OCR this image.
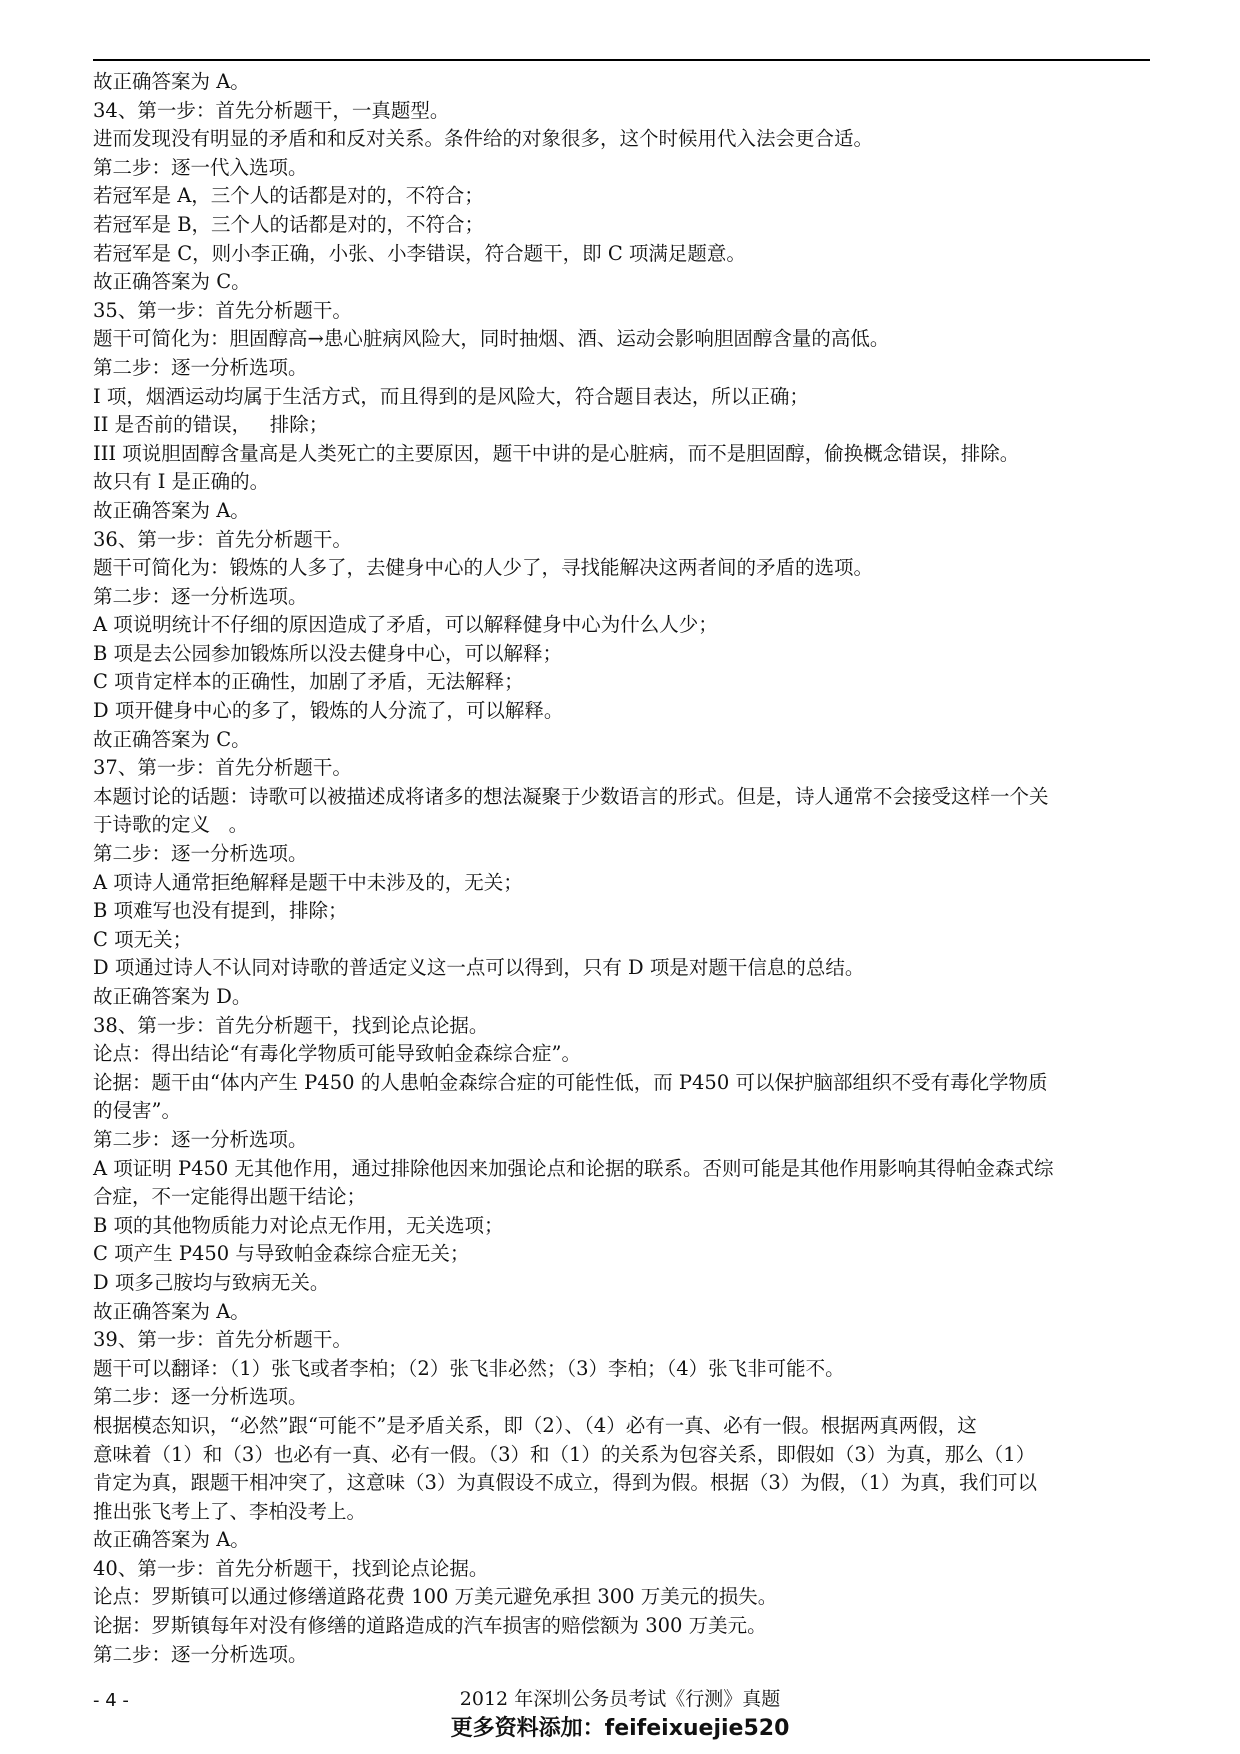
故正确答案为 A。
34、第一步：首先分析题干，一真题型。
进而发现没有明显的矛盾和和反对关系。条件给的对象很多，这个时候用代入法会更合适。
第二步：逐一代入选项。
若冠军是 A，三个人的话都是对的，不符合；
若冠军是 B，三个人的话都是对的，不符合；
若冠军是 C，则小李正确，小张、小李错误，符合题干，即 C 项满足题意。
故正确答案为 C。
35、第一步：首先分析题干。
题干可简化为：胆固醇高→患心脏病风险大，同时抽烟、酒、运动会影响胆固醇含量的高低。
第二步：逐一分析选项。
I 项，烟酒运动均属于生活方式，而且得到的是风险大，符合题目表达，所以正确；
II 是否前的错误，   排除；
III 项说胆固醇含量高是人类死亡的主要原因，题干中讲的是心脏病，而不是胆固醇，偷换概念错误，排除。
故只有 I 是正确的。
故正确答案为 A。
36、第一步：首先分析题干。
题干可简化为：锻炼的人多了，去健身中心的人少了，寻找能解决这两者间的矛盾的选项。
第二步：逐一分析选项。
A 项说明统计不仔细的原因造成了矛盾，可以解释健身中心为什么人少；
B 项是去公园参加锻炼所以没去健身中心，可以解释；
C 项肯定样本的正确性，加剧了矛盾，无法解释；
D 项开健身中心的多了，锻炼的人分流了，可以解释。
故正确答案为 C。
37、第一步：首先分析题干。
本题讨论的话题：诗歌可以被描述成将诸多的想法凝聚于少数语言的形式。但是，诗人通常不会接受这样一个关
于诗歌的定义   。
第二步：逐一分析选项。
A 项诗人通常拒绝解释是题干中未涉及的，无关；
B 项难写也没有提到，排除；
C 项无关；
D 项通过诗人不认同对诗歌的普适定义这一点可以得到，只有 D 项是对题干信息的总结。
故正确答案为 D。
38、第一步：首先分析题干，找到论点论据。
论点：得出结论“有毒化学物质可能导致帕金森综合症”。
论据：题干由“体内产生 P450 的人患帕金森综合症的可能性低，而 P450 可以保护脑部组织不受有毒化学物质
的侵害”。
第二步：逐一分析选项。
A 项证明 P450 无其他作用，通过排除他因来加强论点和论据的联系。否则可能是其他作用影响其得帕金森式综
合症，不一定能得出题干结论；
B 项的其他物质能力对论点无作用，无关选项；
C 项产生 P450 与导致帕金森综合症无关；
D 项多己胺均与致病无关。
故正确答案为 A。
39、第一步：首先分析题干。
题干可以翻译：（1）张飞或者李柏；（2）张飞非必然；（3）李柏；（4）张飞非可能不。
第二步：逐一分析选项。
根据模态知识，“必然”跟“可能不”是矛盾关系，即（2）、（4）必有一真、必有一假。根据两真两假，这
意味着（1）和（3）也必有一真、必有一假。（3）和（1）的关系为包容关系，即假如（3）为真，那么（1）
肯定为真，跟题干相冲突了，这意味（3）为真假设不成立，得到为假。根据（3）为假，（1）为真，我们可以
推出张飞考上了、李柏没考上。
故正确答案为 A。
40、第一步：首先分析题干，找到论点论据。
论点：罗斯镇可以通过修缮道路花费 100 万美元避免承担 300 万美元的损失。
论据：罗斯镇每年对没有修缮的道路造成的汽车损害的赔偿额为 300 万美元。
第二步：逐一分析选项。
- 4 -	2012 年深圳公务员考试《行测》真题
更多资料添加：feifeixuejie520
